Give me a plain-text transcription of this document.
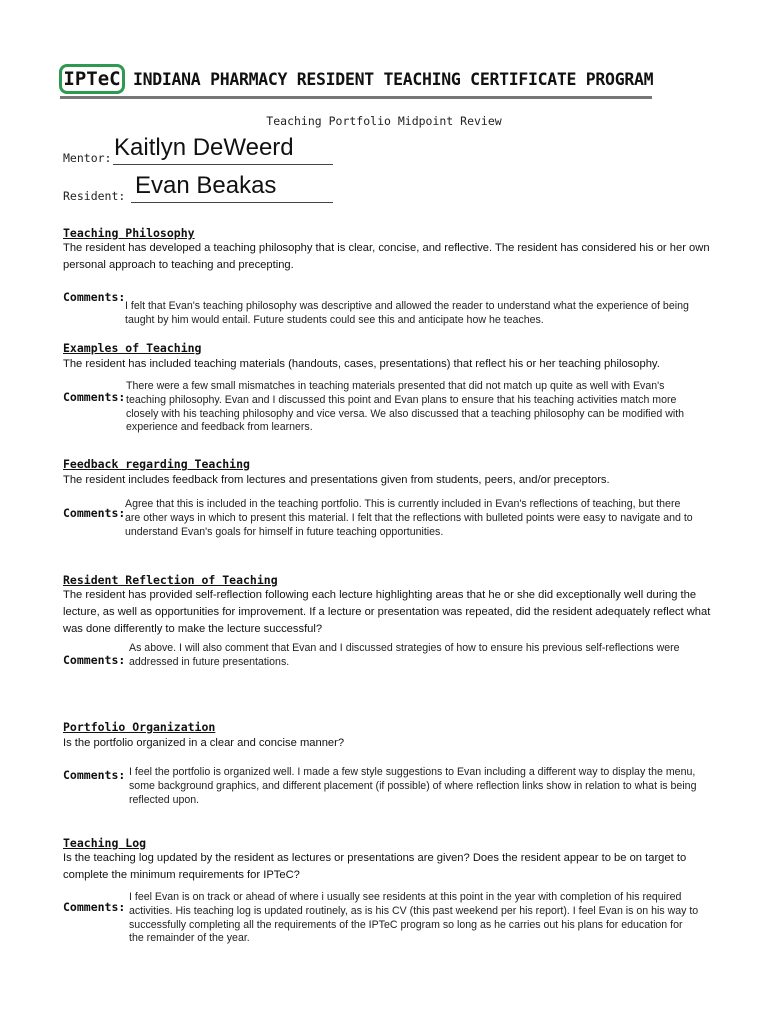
IPTeC INDIANA PHARMACY RESIDENT TEACHING CERTIFICATE PROGRAM
Teaching Portfolio Midpoint Review
Mentor: Kaitlyn DeWeerd
Resident: Evan Beakas
Teaching Philosophy
The resident has developed a teaching philosophy that is clear, concise, and reflective. The resident has considered his or her own personal approach to teaching and precepting.
Comments:
I felt that Evan's teaching philosophy was descriptive and allowed the reader to understand what the experience of being taught by him would entail. Future students could see this and anticipate how he teaches.
Examples of Teaching
The resident has included teaching materials (handouts, cases, presentations) that reflect his or her teaching philosophy.
Comments:
There were a few small mismatches in teaching materials presented that did not match up quite as well with Evan's teaching philosophy. Evan and I discussed this point and Evan plans to ensure that his teaching activities match more closely with his teaching philosophy and vice versa. We also discussed that a teaching philosophy can be modified with experience and feedback from learners.
Feedback regarding Teaching
The resident includes feedback from lectures and presentations given from students, peers, and/or preceptors.
Comments:
Agree that this is included in the teaching portfolio. This is currently included in Evan's reflections of teaching, but there are other ways in which to present this material. I felt that the reflections with bulleted points were easy to navigate and to understand Evan's goals for himself in future teaching opportunities.
Resident Reflection of Teaching
The resident has provided self-reflection following each lecture highlighting areas that he or she did exceptionally well during the lecture, as well as opportunities for improvement. If a lecture or presentation was repeated, did the resident adequately reflect what was done differently to make the lecture successful?
Comments:
As above. I will also comment that Evan and I discussed strategies of how to ensure his previous self-reflections were addressed in future presentations.
Portfolio Organization
Is the portfolio organized in a clear and concise manner?
Comments: I feel the portfolio is organized well. I made a few style suggestions to Evan including a different way to display the menu, some background graphics, and different placement (if possible) of where reflection links show in relation to what is being reflected upon.
Teaching Log
Is the teaching log updated by the resident as lectures or presentations are given? Does the resident appear to be on target to complete the minimum requirements for IPTeC?
Comments:
I feel Evan is on track or ahead of where i usually see residents at this point in the year with completion of his required activities. His teaching log is updated routinely, as is his CV (this past weekend per his report). I feel Evan is on his way to successfully completing all the requirements of the IPTeC program so long as he carries out his plans for education for the remainder of the year.
